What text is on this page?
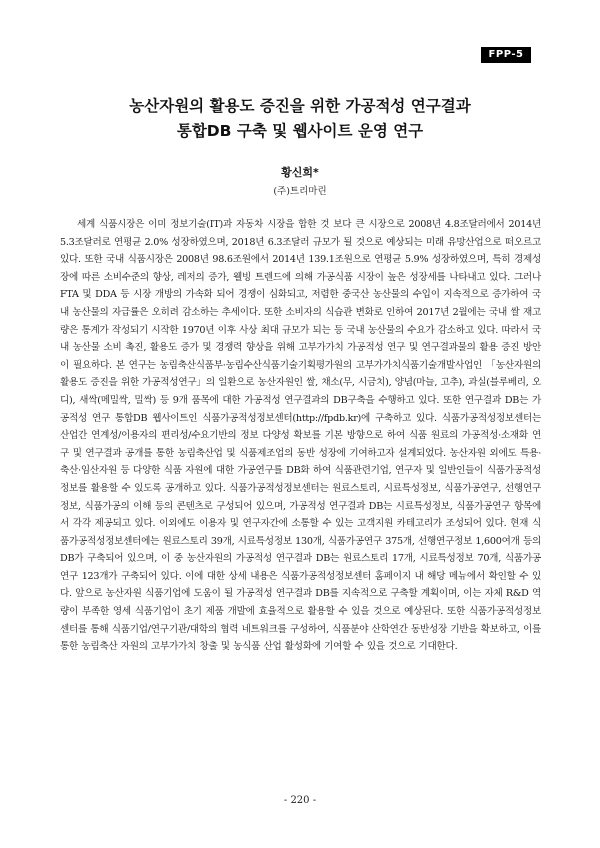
FPP-5
농산자원의 활용도 증진을 위한 가공적성 연구결과
통합DB 구축 및 웹사이트 운영 연구
황신희*
(주)트리마린

세계 식품시장은 이미 정보기술(IT)과 자동차 시장을 합한 것 보다 큰 시장으로 2008년 4.8조달러에서 2014년 5.3조달러로 연평균 2.0% 성장하였으며, 2018년 6.3조달러 규모가 될 것으로 예상되는 미래 유망산업으로 떠오르고 있다. 또한 국내 식품시장은 2008년 98.6조원에서 2014년 139.1조원으로 연평균 5.9% 성장하였으며, 특히 경제성장에 따른 소비수준의 향상, 레저의 증가, 웰빙 트렌드에 의해 가공식품 시장이 높은 성장세를 나타내고 있다. 그러나 FTA 및 DDA 등 시장 개방의 가속화 되어 경쟁이 심화되고, 저렴한 중국산 농산물의 수입이 지속적으로 증가하여 국내 농산물의 자급률은 오히려 감소하는 추세이다. 또한 소비자의 식습관 변화로 인하여 2017년 2월에는 국내 쌀 재고량은 통계가 작성되기 시작한 1970년 이후 사상 최대 규모가 되는 등 국내 농산물의 수요가 감소하고 있다. 따라서 국내 농산물 소비 촉진, 활용도 증가 및 경쟁력 향상을 위해 고부가가치 가공적성 연구 및 연구결과물의 활용 증진 방안이 필요하다. 본 연구는 농림축산식품부·농림수산식품기술기획평가원의 고부가가치식품기술개발사업인 「농산자원의 활용도 증진을 위한 가공적성연구」의 일환으로 농산자원인 쌀, 채소(무, 시금치), 양념(마늘, 고추), 과실(블루베리, 오디), 새싹(메밀싹, 밀싹) 등 9개 품목에 대한 가공적성 연구결과의 DB구축을 수행하고 있다. 또한 연구결과 DB는 가공적성 연구 통합DB 웹사이트인 식품가공적성정보센터(http://fpdb.kr)에 구축하고 있다. 식품가공적성정보센터는 산업간 연계성/이용자의 편리성/수요기반의 정보 다양성 확보를 기본 방향으로 하여 식품 원료의 가공적성·소재화 연구 및 연구결과 공개를 통한 농림축산업 및 식품제조업의 동반 성장에 기여하고자 설계되었다. 농산자원 외에도 특용·축산·임산자원 등 다양한 식품 자원에 대한 가공연구를 DB화 하여 식품관련기업, 연구자 및 일반인들이 식품가공적성정보를 활용할 수 있도록 공개하고 있다. 식품가공적성정보센터는 원료스토리, 시료특성정보, 식품가공연구, 선행연구정보, 식품가공의 이해 등의 콘텐츠로 구성되어 있으며, 가공적성 연구결과 DB는 시료특성정보, 식품가공연구 항목에서 각각 제공되고 있다. 이외에도 이용자 및 연구자간에 소통할 수 있는 고객지원 카테고리가 조성되어 있다. 현재 식품가공적성정보센터에는 원료스토리 39개, 시료특성정보 130개, 식품가공연구 375개, 선행연구정보 1,600여개 등의 DB가 구축되어 있으며, 이 중 농산자원의 가공적성 연구결과 DB는 원료스토리 17개, 시료특성정보 70개, 식품가공연구 123개가 구축되어 있다. 이에 대한 상세 내용은 식품가공적성정보센터 홈페이지 내 해당 메뉴에서 확인할 수 있다. 앞으로 농산자원 식품기업에 도움이 될 가공적성 연구결과 DB를 지속적으로 구축할 계획이며, 이는 자체 R&D 역량이 부족한 영세 식품기업이 초기 제품 개발에 효율적으로 활용할 수 있을 것으로 예상된다. 또한 식품가공적성정보센터를 통해 식품기업/연구기관/대학의 협력 네트워크를 구성하여, 식품분야 산학연간 동반성장 기반을 확보하고, 이를 통한 농림축산 자원의 고부가가치 창출 및 농식품 산업 활성화에 기여할 수 있을 것으로 기대한다.

- 220 -
